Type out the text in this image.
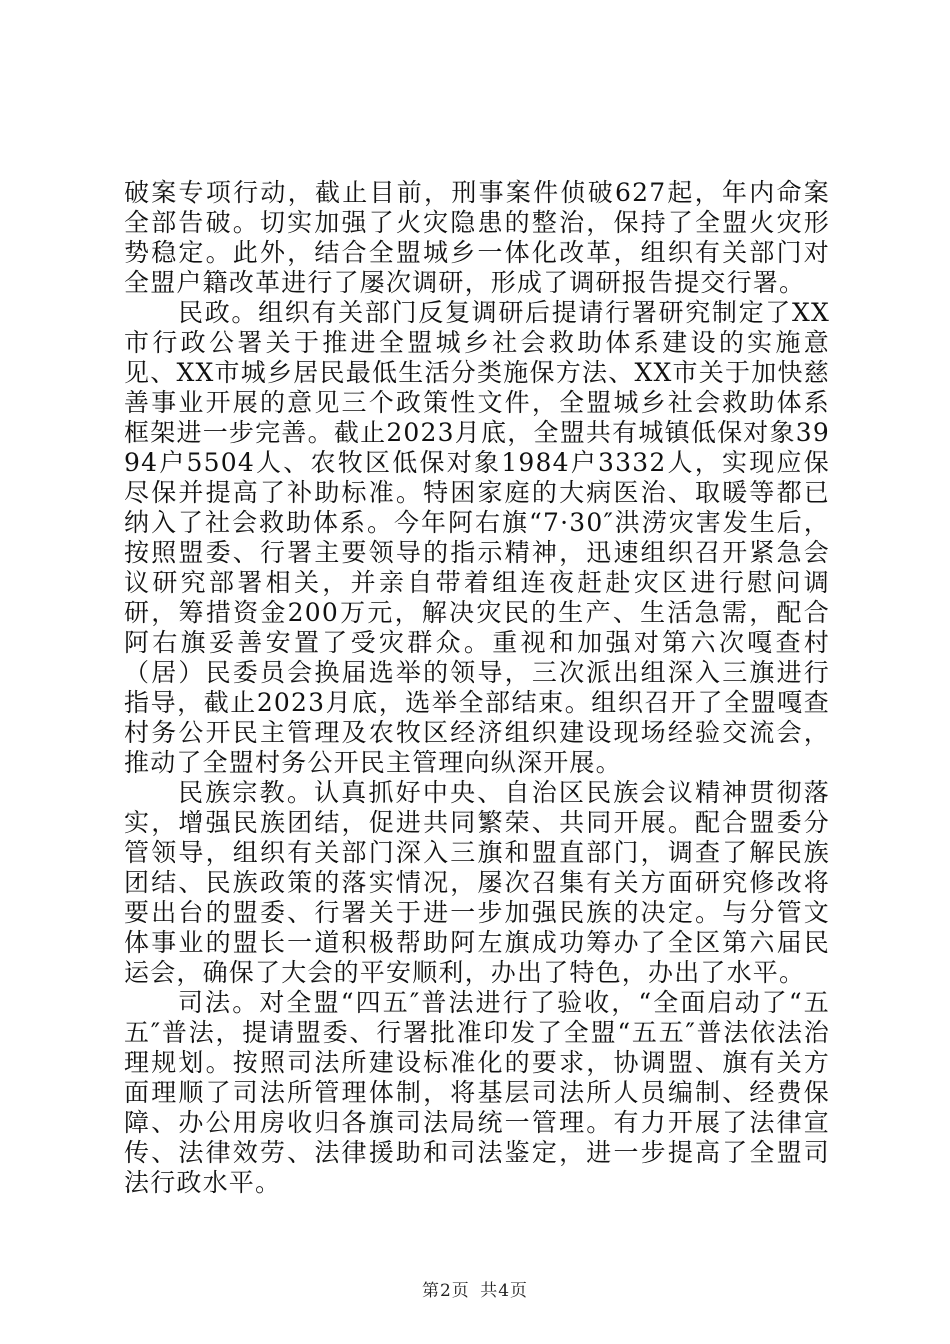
破案专项行动，截止目前，刑事案件侦破627起，年内命案全部告破。切实加强了火灾隐患的整治，保持了全盟火灾形势稳定。此外，结合全盟城乡一体化改革，组织有关部门对全盟户籍改革进行了屡次调研，形成了调研报告提交行署。

民政。组织有关部门反复调研后提请行署研究制定了XX市行政公署关于推进全盟城乡社会救助体系建设的实施意见、XX市城乡居民最低生活分类施保方法、XX市关于加快慈善事业开展的意见三个政策性文件，全盟城乡社会救助体系框架进一步完善。截止2023月底，全盟共有城镇低保对象3994户5504人、农牧区低保对象1984户3332人，实现应保尽保并提高了补助标准。特困家庭的大病医治、取暖等都已纳入了社会救助体系。今年阿右旗“7·30″洪涝灾害发生后，按照盟委、行署主要领导的指示精神，迅速组织召开紧急会议研究部署相关，并亲自带着组连夜赶赴灾区进行慰问调研，筹措资金200万元，解决灾民的生产、生活急需，配合阿右旗妥善安置了受灾群众。重视和加强对第六次嘎查村（居）民委员会换届选举的领导，三次派出组深入三旗进行指导，截止2023月底，选举全部结束。组织召开了全盟嘎查村务公开民主管理及农牧区经济组织建设现场经验交流会，推动了全盟村务公开民主管理向纵深开展。

民族宗教。认真抓好中央、自治区民族会议精神贯彻落实，增强民族团结，促进共同繁荣、共同开展。配合盟委分管领导，组织有关部门深入三旗和盟直部门，调查了解民族团结、民族政策的落实情况，屡次召集有关方面研究修改将要出台的盟委、行署关于进一步加强民族的决定。与分管文体事业的盟长一道积极帮助阿左旗成功筹办了全区第六届民运会，确保了大会的平安顺利，办出了特色，办出了水平。

司法。对全盟“四五″普法进行了验收，“全面启动了“五五″普法，提请盟委、行署批准印发了全盟“五五″普法依法治理规划。按照司法所建设标准化的要求，协调盟、旗有关方面理顺了司法所管理体制，将基层司法所人员编制、经费保障、办公用房收归各旗司法局统一管理。有力开展了法律宣传、法律效劳、法律援助和司法鉴定，进一步提高了全盟司法行政水平。

第2页 共4页
